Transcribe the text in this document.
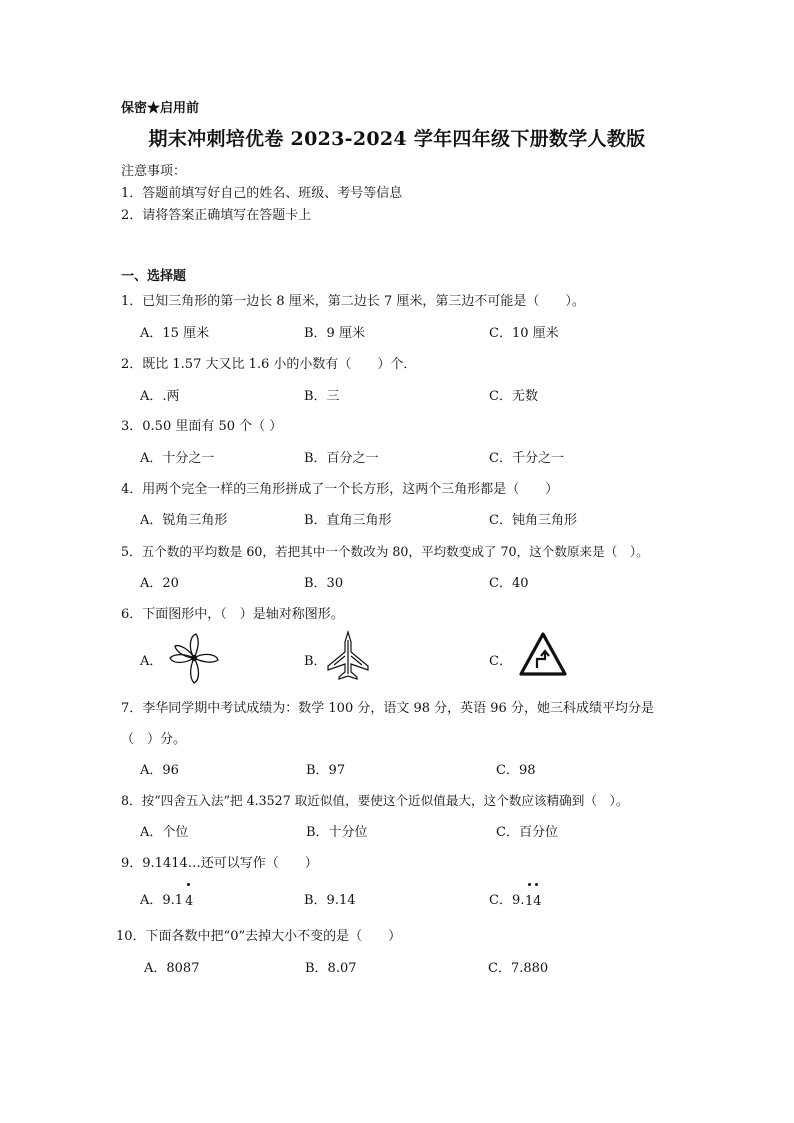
保密★启用前
期末冲刺培优卷 2023-2024 学年四年级下册数学人教版
注意事项：
1．答题前填写好自己的姓名、班级、考号等信息
2．请将答案正确填写在答题卡上
一、选择题
1．已知三角形的第一边长 8 厘米，第二边长 7 厘米，第三边不可能是（　　）。
A．15 厘米	B．9 厘米	C．10 厘米
2．既比 1.57 大又比 1.6 小的小数有（　　）个．
A．.两	B．三	C．无数
3．0.50 里面有 50 个（ ）
A．十分之一	B．百分之一	C．千分之一
4．用两个完全一样的三角形拼成了一个长方形，这两个三角形都是（　　）
A．锐角三角形	B．直角三角形	C．钝角三角形
5．五个数的平均数是 60，若把其中一个数改为 80，平均数变成了 70，这个数原来是（　）。
A．20	B．30	C．40
6．下面图形中，（　）是轴对称图形。
A．	B．	C．
7．李华同学期中考试成绩为：数学 100 分，语文 98 分，英语 96 分，她三科成绩平均分是
（　）分。
A．96	B．97	C．98
8．按“四舍五入法”把 4.3527 取近似值，要使这个近似值最大，这个数应该精确到（　）。
A．个位	B．十分位	C．百分位
9．9.1414…还可以写作（　　）
A．9.1 4	B．9.14	C．9. 14
10．下面各数中把“0”去掉大小不变的是（　　）
A．8087	B．8.07	C．7.880
